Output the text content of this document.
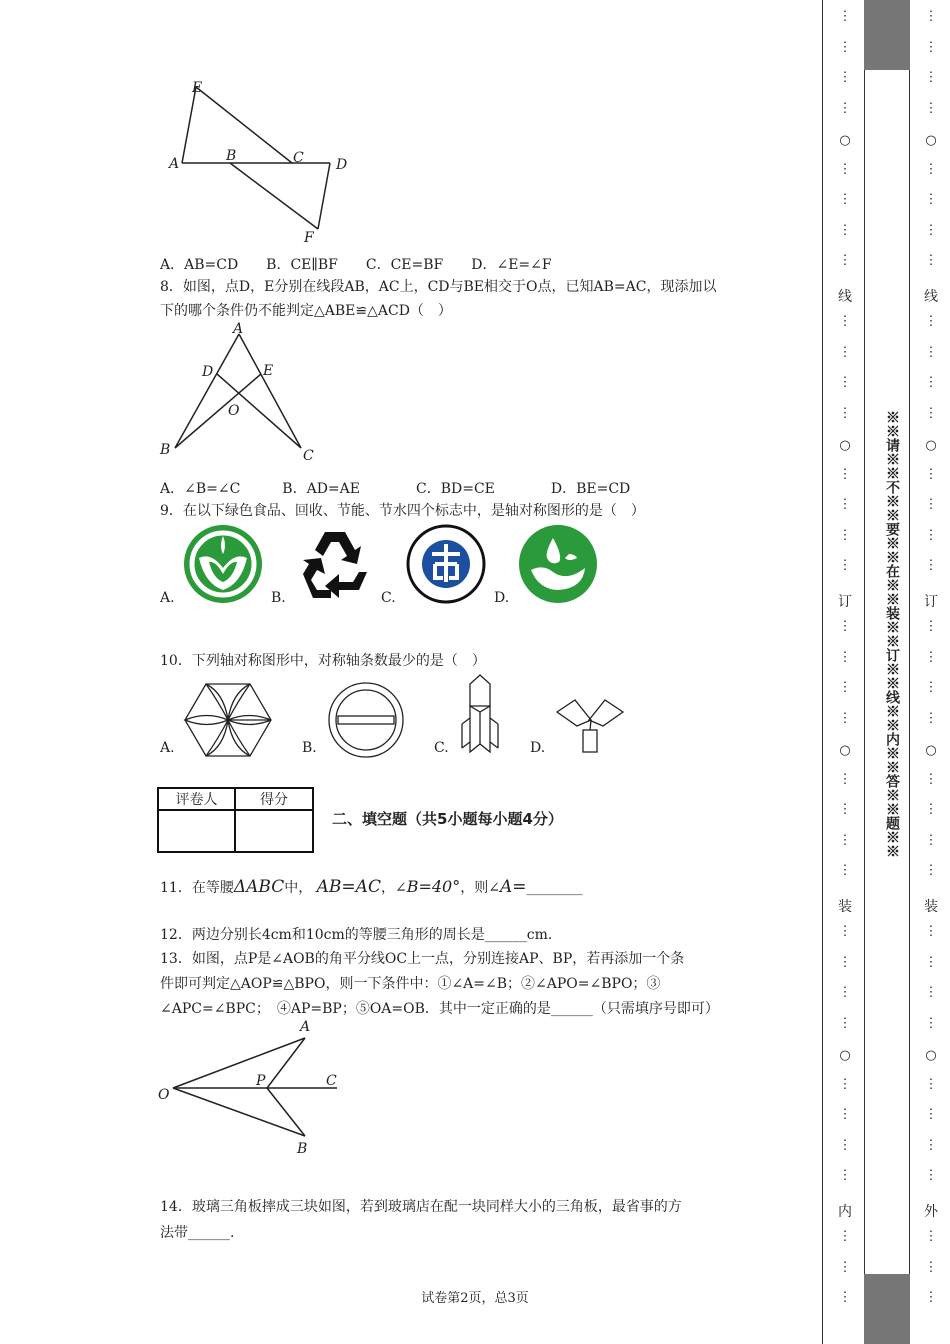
E
A	B	C D
F
A．AB=CD　　B．CE∥BF　　C．CE=BF　　D．∠E=∠F
8．如图，点D，E分别在线段AB，AC上，CD与BE相交于O点，已知AB=AC，现添加以
下的哪个条件仍不能判定△ABE≌△ACD（　）
A
D	E
O
B	C
A．∠B=∠C　　　B．AD=AE　　　　C．BD=CE　　　　D．BE=CD
9．在以下绿色食品、回收、节能、节水四个标志中，是轴对称图形的是（　）
A.	B.	C.	D.
10．下列轴对称图形中，对称轴条数最少的是（　）
A.	B.	C.	D.
评卷人	得分

二、填空题（共5小题每小题4分）
11．在等腰ΔABC中， AB=AC，∠B=40°，则∠A=________
12．两边分别长4cm和10cm的等腰三角形的周长是______cm.
13．如图，点P是∠AOB的角平分线OC上一点，分别连接AP、BP，若再添加一个条
件即可判定△AOP≌△BPO，则一下条件中：①∠A=∠B；②∠APO=∠BPO；③
∠APC=∠BPC；　④AP=BP；⑤OA=OB．其中一定正确的是______（只需填序号即可）
A
O
P	C
B
14．玻璃三角板摔成三块如图，若到玻璃店在配一块同样大小的三角板，最省事的方
法带______.
试卷第2页，总3页
※※请※※不※※要※※在※※装※※订※※线※※内※※答※※题※※
⋮
⋮
⋮
⋮
⋮
⋮
⋮
⋮
⋮
⋮
⋮
⋮
⋮
⋮
⋮
⋮
⋮
⋮
⋮
⋮
⋮
⋮
⋮
⋮
⋮
⋮
⋮
⋮
⋮
⋮
⋮
⋮
⋮
⋮
⋮
○
○
○
○
线
订
装
内
⋮
⋮
⋮
⋮
⋮
⋮
⋮
⋮
⋮
⋮
⋮
⋮
⋮
⋮
⋮
⋮
⋮
⋮
⋮
⋮
⋮
⋮
⋮
⋮
⋮
⋮
⋮
⋮
⋮
⋮
⋮
⋮
⋮
⋮
⋮
○
○
○
○
线
订
装
外
